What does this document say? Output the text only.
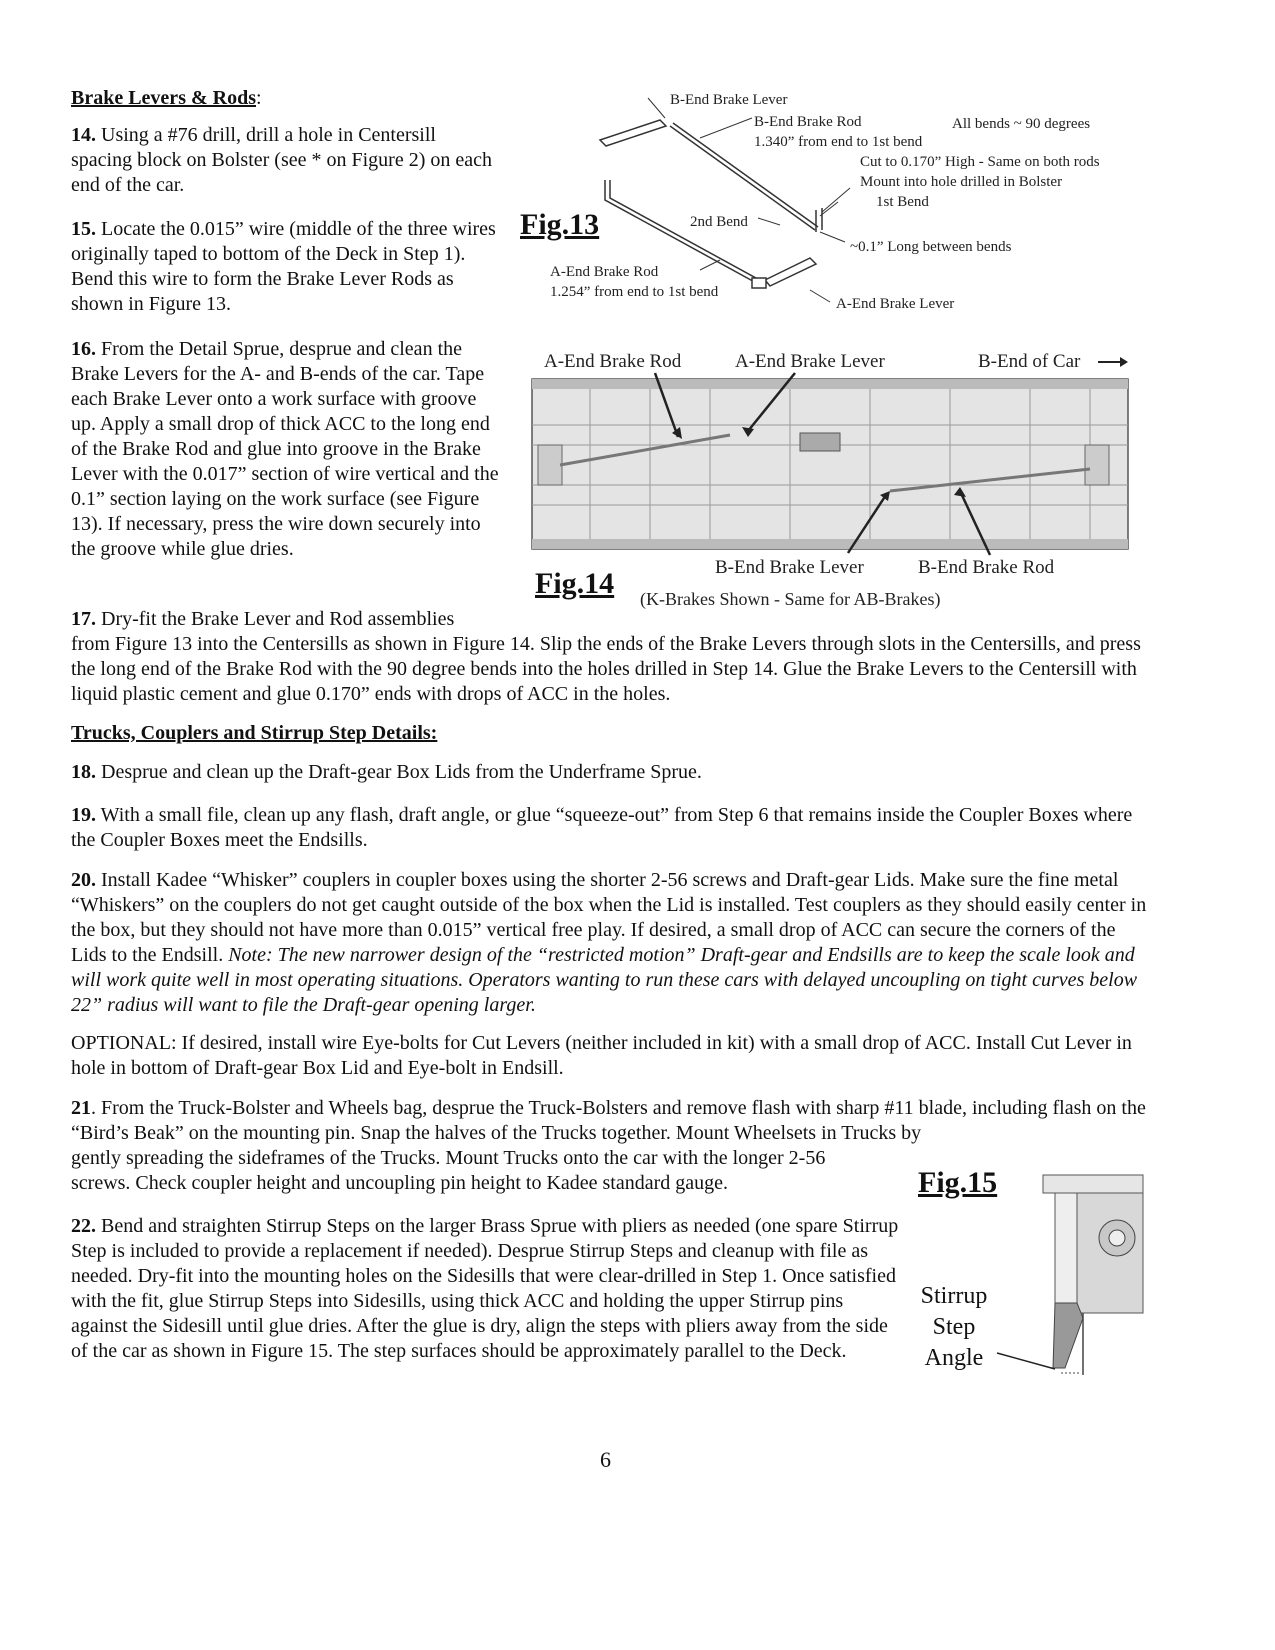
Brake Levers & Rods:

14. Using a #76 drill, drill a hole in Centersill spacing block on Bolster (see * on Figure 2) on each end of the car.

15. Locate the 0.015” wire (middle of the three wires originally taped to bottom of the Deck in Step 1). Bend this wire to form the Brake Lever Rods as shown in Figure 13.

16. From the Detail Sprue, desprue and clean the Brake Levers for the A- and B-ends of the car. Tape each Brake Lever onto a work surface with groove up. Apply a small drop of thick ACC to the long end of the Brake Rod and glue into groove in the Brake Lever with the 0.017” section of wire vertical and the 0.1” section laying on the work surface (see Figure 13). If necessary, press the wire down securely into the groove while glue dries.

17. Dry-fit the Brake Lever and Rod assemblies

from Figure 13 into the Centersills as shown in Figure 14. Slip the ends of the Brake Levers through slots in the Centersills, and press the long end of the Brake Rod with the 90 degree bends into the holes drilled in Step 14. Glue the Brake Levers to the Centersill with liquid plastic cement and glue 0.170” ends with drops of ACC in the holes.

Trucks, Couplers and Stirrup Step Details:

18. Desprue and clean up the Draft-gear Box Lids from the Underframe Sprue.

19. With a small file, clean up any flash, draft angle, or glue “squeeze-out” from Step 6 that remains inside the Coupler Boxes where the Coupler Boxes meet the Endsills.

20. Install Kadee “Whisker” couplers in coupler boxes using the shorter 2-56 screws and Draft-gear Lids. Make sure the fine metal “Whiskers” on the couplers do not get caught outside of the box when the Lid is installed. Test couplers as they should easily center in the box, but they should not have more than 0.015” vertical free play. If desired, a small drop of ACC can secure the corners of the Lids to the Endsill. Note: The new narrower design of the “restricted motion” Draft-gear and Endsills are to keep the scale look and will work quite well in most operating situations. Operators wanting to run these cars with delayed uncoupling on tight curves below 22” radius will want to file the Draft-gear opening larger.

OPTIONAL: If desired, install wire Eye-bolts for Cut Levers (neither included in kit) with a small drop of ACC. Install Cut Lever in hole in bottom of Draft-gear Box Lid and Eye-bolt in Endsill.

21. From the Truck-Bolster and Wheels bag, desprue the Truck-Bolsters and remove flash with sharp #11 blade, including flash on the “Bird’s Beak” on the mounting pin. Snap the halves of the Trucks together. Mount Wheelsets in Trucks by

gently spreading the sideframes of the Trucks. Mount Trucks onto the car with the longer 2-56 screws. Check coupler height and uncoupling pin height to Kadee standard gauge.

22. Bend and straighten Stirrup Steps on the larger Brass Sprue with pliers as needed (one spare Stirrup Step is included to provide a replacement if needed). Desprue Stirrup Steps and cleanup with file as needed. Dry-fit into the mounting holes on the Sidesills that were clear-drilled in Step 1. Once satisfied with the fit, glue Stirrup Steps into Sidesills, using thick ACC and holding the upper Stirrup pins against the Sidesill until glue dries. After the glue is dry, align the steps with pliers away from the side of the car as shown in Figure 15. The step surfaces should be approximately parallel to the Deck.

Fig.13
B-End Brake Lever
B-End Brake Rod
1.340” from end to 1st bend
All bends ~ 90 degrees
Cut to 0.170” High - Same on both rods
Mount into hole drilled in Bolster
1st Bend
2nd Bend
~0.1” Long between bends
A-End Brake Rod
1.254” from end to 1st bend
A-End Brake Lever
A-End Brake Rod	A-End Brake Lever	B-End of Car
B-End Brake Lever	B-End Brake Rod
(K-Brakes Shown - Same for AB-Brakes)
Fig.14
Fig.15
Stirrup
Step
Angle

6
